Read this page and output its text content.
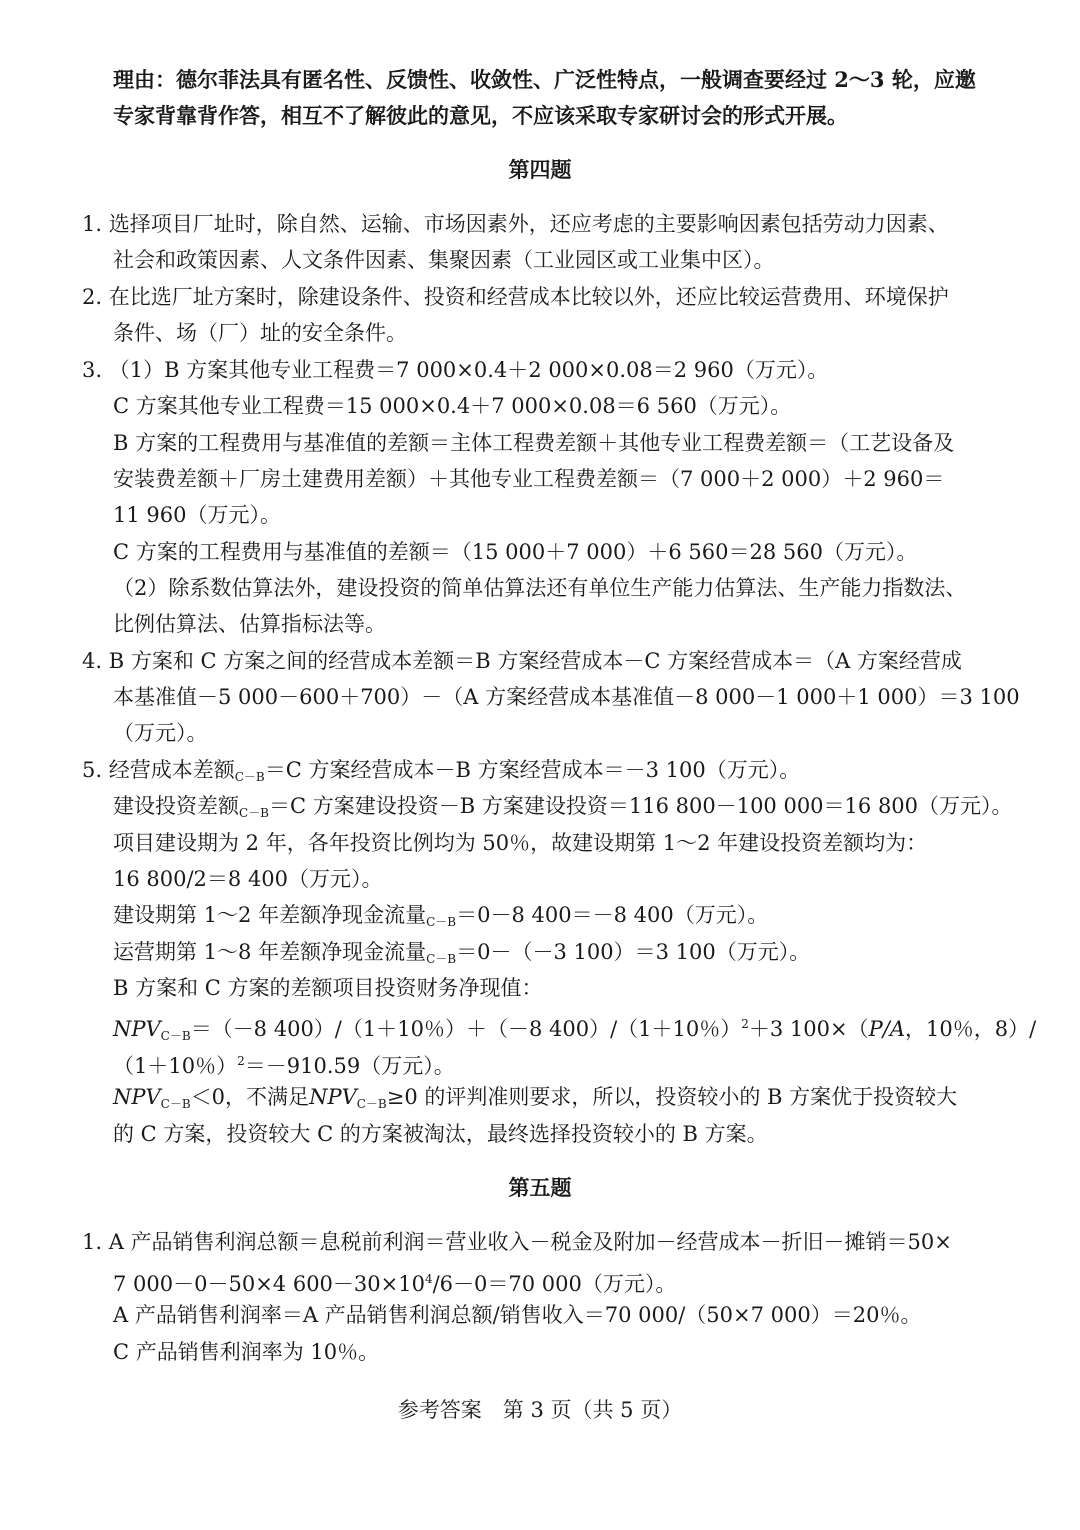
理由：德尔菲法具有匿名性、反馈性、收敛性、广泛性特点，一般调查要经过 2～3 轮，应邀
专家背靠背作答，相互不了解彼此的意见，不应该采取专家研讨会的形式开展。
第四题
1. 选择项目厂址时，除自然、运输、市场因素外，还应考虑的主要影响因素包括劳动力因素、
社会和政策因素、人文条件因素、集聚因素（工业园区或工业集中区）。
2. 在比选厂址方案时，除建设条件、投资和经营成本比较以外，还应比较运营费用、环境保护
条件、场（厂）址的安全条件。
3. （1）B 方案其他专业工程费＝7 000×0.4＋2 000×0.08＝2 960（万元）。
C 方案其他专业工程费＝15 000×0.4＋7 000×0.08＝6 560（万元）。
B 方案的工程费用与基准值的差额＝主体工程费差额＋其他专业工程费差额＝（工艺设备及
安装费差额＋厂房土建费用差额）＋其他专业工程费差额＝（7 000＋2 000）＋2 960＝
11 960（万元）。
C 方案的工程费用与基准值的差额＝（15 000＋7 000）＋6 560＝28 560（万元）。
（2）除系数估算法外，建设投资的简单估算法还有单位生产能力估算法、生产能力指数法、
比例估算法、估算指标法等。
4. B 方案和 C 方案之间的经营成本差额＝B 方案经营成本－C 方案经营成本＝（A 方案经营成
本基准值－5 000－600＋700）－（A 方案经营成本基准值－8 000－1 000＋1 000）＝3 100
（万元）。
5. 经营成本差额$_{C-B}$＝C 方案经营成本－B 方案经营成本＝－3 100（万元）。
建设投资差额$_{C-B}$＝C 方案建设投资－B 方案建设投资＝116 800－100 000＝16 800（万元）。
项目建设期为 2 年，各年投资比例均为 50％，故建设期第 1～2 年建设投资差额均为：
16 800/2＝8 400（万元）。
建设期第 1～2 年差额净现金流量$_{C-B}$＝0－8 400＝－8 400（万元）。
运营期第 1～8 年差额净现金流量$_{C-B}$＝0－（－3 100）＝3 100（万元）。
B 方案和 C 方案的差额项目投资财务净现值：
$NPV_{C-B}=(-8$ 400）/（1＋10％）＋（－8 400）/（1＋10％）$^2$＋3 100×（P/A，10％，8）/
（1＋10％）$^2$＝－910.59（万元）。
$NPV_{C-B}<0$，不满足$NPV_{C-B}\ge 0$ 的评判准则要求，所以，投资较小的 B 方案优于投资较大
的 C 方案，投资较大 C 的方案被淘汰，最终选择投资较小的 B 方案。
第五题
1. A 产品销售利润总额＝息税前利润＝营业收入－税金及附加－经营成本－折旧－摊销＝50×
7 000－0－50×4 $600-30\times 10^4/6-0=70$ 000（万元）。
A 产品销售利润率＝A 产品销售利润总额/销售收入＝70 000/（50×7 000）＝20％。
C 产品销售利润率为 10％。
参考答案　第 3 页（共 5 页）
